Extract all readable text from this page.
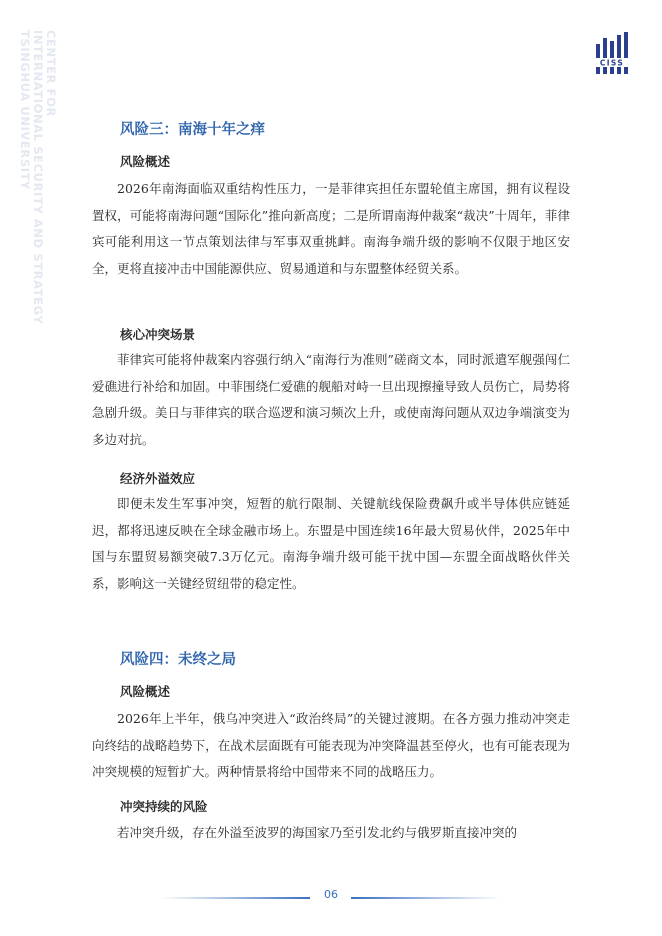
CENTER FOR
INTERNATIONAL SECURITY AND STRATEGY
TSINGHUA UNIVERSITY	CISS
风险三：南海十年之痒
风险概述

2026年南海面临双重结构性压力，一是菲律宾担任东盟轮值主席国，拥有议程设置权，可能将南海问题“国际化”推向新高度；二是所谓南海仲裁案“裁决”十周年，菲律宾可能利用这一节点策划法律与军事双重挑衅。南海争端升级的影响不仅限于地区安全，更将直接冲击中国能源供应、贸易通道和与东盟整体经贸关系。

核心冲突场景

菲律宾可能将仲裁案内容强行纳入“南海行为准则”磋商文本，同时派遣军舰强闯仁爱礁进行补给和加固。中菲围绕仁爱礁的舰船对峙一旦出现擦撞导致人员伤亡，局势将急剧升级。美日与菲律宾的联合巡逻和演习频次上升，或使南海问题从双边争端演变为多边对抗。

经济外溢效应

即便未发生军事冲突，短暂的航行限制、关键航线保险费飙升或半导体供应链延迟，都将迅速反映在全球金融市场上。东盟是中国连续16年最大贸易伙伴，2025年中国与东盟贸易额突破7.3万亿元。南海争端升级可能干扰中国—东盟全面战略伙伴关系，影响这一关键经贸纽带的稳定性。

风险四：未终之局
风险概述

2026年上半年，俄乌冲突进入“政治终局”的关键过渡期。在各方强力推动冲突走向终结的战略趋势下，在战术层面既有可能表现为冲突降温甚至停火，也有可能表现为冲突规模的短暂扩大。两种情景将给中国带来不同的战略压力。

冲突持续的风险

若冲突升级，存在外溢至波罗的海国家乃至引发北约与俄罗斯直接冲突的

06
